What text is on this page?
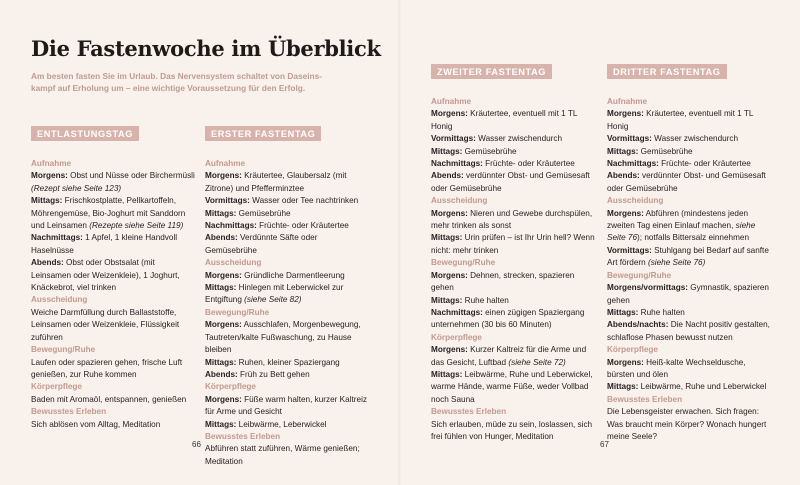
Die Fastenwoche im Überblick
Am besten fasten Sie im Urlaub. Das Nervensystem schaltet von Daseinskampf auf Erholung um – eine wichtige Voraussetzung für den Erfolg.
ENTLASTUNGSTAG

Aufnahme

Morgens: Obst und Nüsse oder Birchermüsli (Rezept siehe Seite 123)

Mittags: Frischkostplatte, Pellkartoffeln, Möhrengemüse, Bio-Joghurt mit Sanddorn und Leinsamen (Rezepte siehe Seite 119)

Nachmittags: 1 Apfel, 1 kleine Handvoll Haselnüsse

Abends: Obst oder Obstsalat (mit Leinsamen oder Weizenkleie), 1 Joghurt, Knäckebrot, viel trinken

Ausscheidung

Weiche Darmfüllung durch Ballaststoffe, Leinsamen oder Weizenkleie, Flüssigkeit zuführen

Bewegung/Ruhe

Laufen oder spazieren gehen, frische Luft genießen, zur Ruhe kommen

Körperpflege

Baden mit Aromaöl, entspannen, genießen

Bewusstes Erleben

Sich ablösen vom Alltag, Meditation

ERSTER FASTENTAG

Aufnahme

Morgens: Kräutertee, Glaubersalz (mit Zitrone) und Pfefferminztee

Vormittags: Wasser oder Tee nachtrinken

Mittags: Gemüsebrühe

Nachmittags: Früchte- oder Kräutertee

Abends: Verdünnte Säfte oder Gemüsebrühe

Ausscheidung

Morgens: Gründliche Darmentleerung

Mittags: Hinlegen mit Leberwickel zur Entgiftung (siehe Seite 82)

Bewegung/Ruhe

Morgens: Ausschlafen, Morgenbewegung, Tautreten/kalte Fußwaschung, zu Hause bleiben

Mittags: Ruhen, kleiner Spaziergang

Abends: Früh zu Bett gehen

Körperpflege

Morgens: Füße warm halten, kurzer Kaltreiz für Arme und Gesicht

Mittags: Leibwärme, Leberwickel

Bewusstes Erleben

Abführen statt zuführen, Wärme genießen; Meditation

66
ZWEITER FASTENTAG

Aufnahme

Morgens: Kräutertee, eventuell mit 1 TL Honig

Vormittags: Wasser zwischendurch

Mittags: Gemüsebrühe

Nachmittags: Früchte- oder Kräutertee

Abends: verdünnter Obst- und Gemüsesaft oder Gemüsebrühe

Ausscheidung

Morgens: Nieren und Gewebe durchspülen, mehr trinken als sonst

Mittags: Urin prüfen – ist Ihr Urin hell? Wenn nicht: mehr trinken

Bewegung/Ruhe

Morgens: Dehnen, strecken, spazieren gehen

Mittags: Ruhe halten

Nachmittags: einen zügigen Spaziergang unternehmen (30 bis 60 Minuten)

Körperpflege

Morgens: Kurzer Kaltreiz für die Arme und das Gesicht, Luftbad (siehe Seite 72)

Mittags: Leibwärme, Ruhe und Leberwickel, warme Hände, warme Füße, weder Vollbad noch Sauna

Bewusstes Erleben

Sich erlauben, müde zu sein, loslassen, sich frei fühlen von Hunger, Meditation

DRITTER FASTENTAG

Aufnahme

Morgens: Kräutertee, eventuell mit 1 TL Honig

Vormittags: Wasser zwischendurch

Mittags: Gemüsebrühe

Nachmittags: Früchte- oder Kräutertee

Abends: verdünnter Obst- und Gemüsesaft oder Gemüsebrühe

Ausscheidung

Morgens: Abführen (mindestens jeden zweiten Tag einen Einlauf machen, siehe Seite 76); notfalls Bittersalz einnehmen

Vormittags: Stuhlgang bei Bedarf auf sanfte Art fördern (siehe Seite 76)

Bewegung/Ruhe

Morgens/vormittags: Gymnastik, spazieren gehen

Mittags: Ruhe halten

Abends/nachts: Die Nacht positiv gestalten, schlaflose Phasen bewusst nutzen

Körperpflege

Morgens: Heiß-kalte Wechseldusche, bürsten und ölen

Mittags: Leibwärme, Ruhe und Leberwickel

Bewusstes Erleben

Die Lebensgeister erwachen. Sich fragen: Was braucht mein Körper? Wonach hungert meine Seele?

67
